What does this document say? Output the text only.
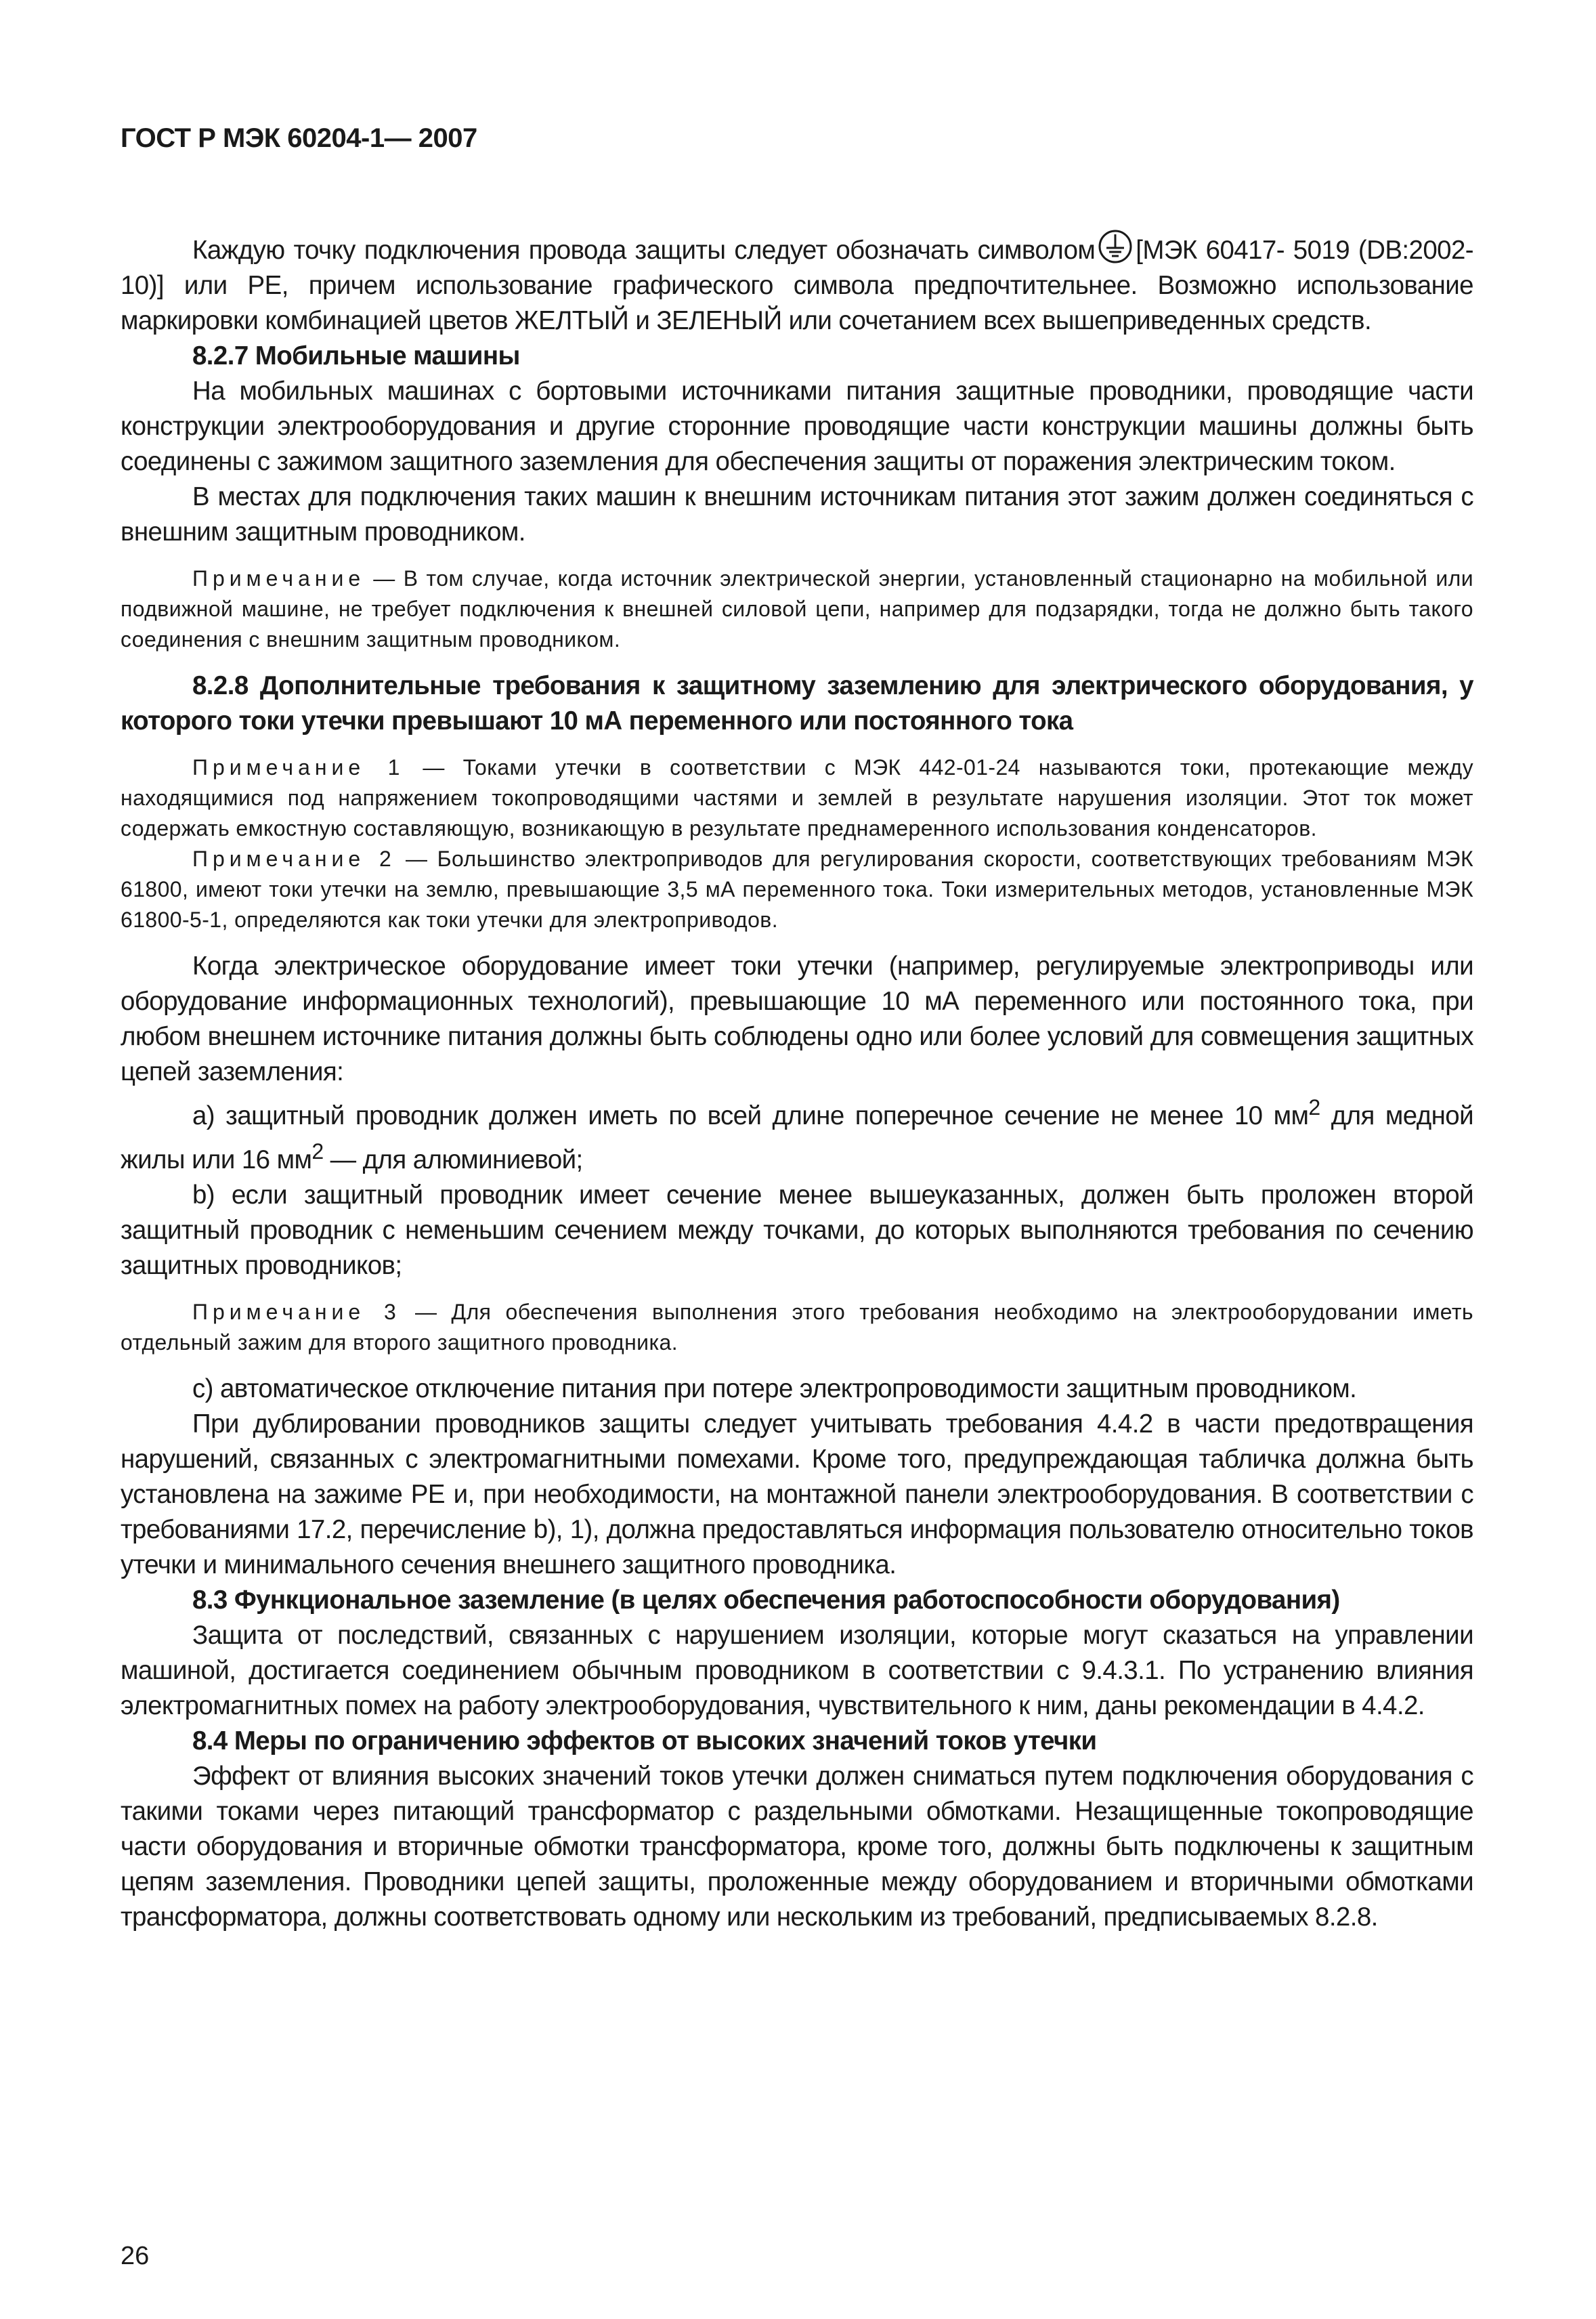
ГОСТ Р МЭК 60204-1— 2007

Каждую точку подключения провода защиты следует обозначать символом [МЭК 60417- 5019 (DB:2002-10)] или PE, причем использование графического символа предпочтительнее. Возможно использование маркировки комбинацией цветов ЖЕЛТЫЙ и ЗЕЛЕНЫЙ или сочетанием всех вышеприведенных средств.

8.2.7 Мобильные машины

На мобильных машинах с бортовыми источниками питания защитные проводники, проводящие части конструкции электрооборудования и другие сторонние проводящие части конструкции машины должны быть соединены с зажимом защитного заземления для обеспечения защиты от поражения электрическим током.

В местах для подключения таких машин к внешним источникам питания этот зажим должен соединяться с внешним защитным проводником.

Примечание — В том случае, когда источник электрической энергии, установленный стационарно на мобильной или подвижной машине, не требует подключения к внешней силовой цепи, например для подзарядки, тогда не должно быть такого соединения с внешним защитным проводником.

8.2.8 Дополнительные требования к защитному заземлению для электрического оборудования, у которого токи утечки превышают 10 мА переменного или постоянного тока

Примечание 1 — Токами утечки в соответствии с МЭК 442-01-24 называются токи, протекающие между находящимися под напряжением токопроводящими частями и землей в результате нарушения изоляции. Этот ток может содержать емкостную составляющую, возникающую в результате преднамеренного использования конденсаторов.

Примечание 2 — Большинство электроприводов для регулирования скорости, соответствующих требованиям МЭК 61800, имеют токи утечки на землю, превышающие 3,5 мА переменного тока. Токи измерительных методов, установленные МЭК 61800-5-1, определяются как токи утечки для электроприводов.

Когда электрическое оборудование имеет токи утечки (например, регулируемые электроприводы или оборудование информационных технологий), превышающие 10 мА переменного или постоянного тока, при любом внешнем источнике питания должны быть соблюдены одно или более условий для совмещения защитных цепей заземления:

а) защитный проводник должен иметь по всей длине поперечное сечение не менее 10 $мм^2$ для медной жилы или 16 $мм^2$ — для алюминиевой;

b) если защитный проводник имеет сечение менее вышеуказанных, должен быть проложен второй защитный проводник с неменьшим сечением между точками, до которых выполняются требования по сечению защитных проводников;

Примечание 3 — Для обеспечения выполнения этого требования необходимо на электрооборудовании иметь отдельный зажим для второго защитного проводника.

с) автоматическое отключение питания при потере электропроводимости защитным проводником.

При дублировании проводников защиты следует учитывать требования 4.4.2 в части предотвращения нарушений, связанных с электромагнитными помехами. Кроме того, предупреждающая табличка должна быть установлена на зажиме PE и, при необходимости, на монтажной панели электрооборудования. В соответствии с требованиями 17.2, перечисление b), 1), должна предоставляться информация пользователю относительно токов утечки и минимального сечения внешнего защитного проводника.

8.3 Функциональное заземление (в целях обеспечения работоспособности оборудования)

Защита от последствий, связанных с нарушением изоляции, которые могут сказаться на управлении машиной, достигается соединением обычным проводником в соответствии с 9.4.3.1. По устранению влияния электромагнитных помех на работу электрооборудования, чувствительного к ним, даны рекомендации в 4.4.2.

8.4 Меры по ограничению эффектов от высоких значений токов утечки

Эффект от влияния высоких значений токов утечки должен сниматься путем подключения оборудования с такими токами через питающий трансформатор с раздельными обмотками. Незащищенные токопроводящие части оборудования и вторичные обмотки трансформатора, кроме того, должны быть подключены к защитным цепям заземления. Проводники цепей защиты, проложенные между оборудованием и вторичными обмотками трансформатора, должны соответствовать одному или нескольким из требований, предписываемых 8.2.8.

26
